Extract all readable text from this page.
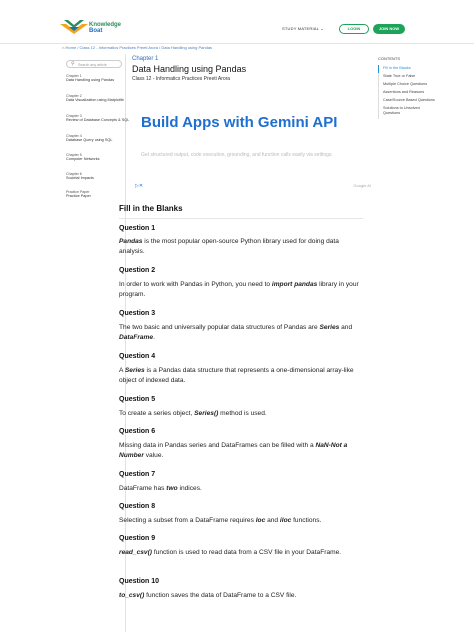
Knowledge
Boat	STUDY MATERIAL ⌄	LOGIN	JOIN NOW
⌂ Home / Class 12 - Informatics Practices Preeti Arora / Data Handling using Pandas
⚲ Search any article
Chapter 1
Data Handling using Pandas
Chapter 2
Data Visualization using Matplotlib
Chapter 3
Review of Database Concepts & SQL
Chapter 4
Database Query using SQL
Chapter 5
Computer Networks
Chapter 6
Societal Impacts
Practice Paper
Practice Paper
Chapter 1
Data Handling using Pandas
Class 12 - Informatics Practices Preeti Arora
Build Apps with Gemini API
Get structured output, code execution, grounding, and function calls easily via settings.
▷✕	Google AI
CONTENTS
Fill in the Blanks
State True or False
Multiple Choice Questions
Assertions and Reasons
Case/Source Based Questions
Solutions to Unsolved
Questions
Fill in the Blanks
Question 1
Pandas is the most popular open-source Python library used for doing data analysis.
Question 2
In order to work with Pandas in Python, you need to import pandas library in your program.
Question 3
The two basic and universally popular data structures of Pandas are Series and DataFrame.
Question 4
A Series is a Pandas data structure that represents a one-dimensional array-like object of indexed data.
Question 5
To create a series object, Series() method is used.
Question 6
Missing data in Pandas series and DataFrames can be filled with a NaN-Not a Number value.
Question 7
DataFrame has two indices.
Question 8
Selecting a subset from a DataFrame requires loc and iloc functions.
Question 9
read_csv() function is used to read data from a CSV file in your DataFrame.
Question 10
to_csv() function saves the data of DataFrame to a CSV file.
